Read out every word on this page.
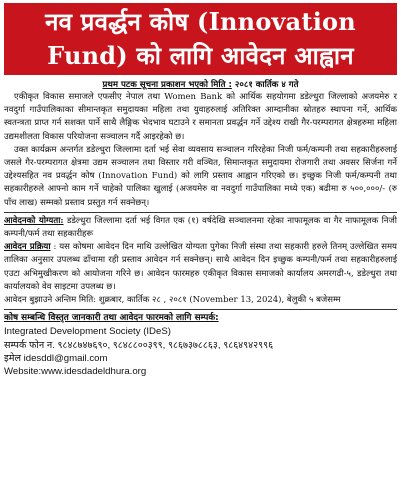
नव प्रवर्द्धन कोष (Innovation
Fund) को लागि आवेदन आह्वान
प्रथम पटक सूचना प्रकाशन भएको मिति : २०८१ कार्तिक ४ गते

एकीकृत विकास समाजले एफसीए नेपाल तथा Women Bank को आर्थिक सहयोगमा डडेल्धुरा जिल्लाको अजयमेरु र नवदुर्गा गाउँपालिकाका सीमान्तकृत समुदायका महिला तथा युवाहरुलाई अतिरिक्त आम्दानीका स्रोतहरु स्थापना गर्ने, आर्थिक स्वतन्त्रता प्राप्त गर्न सशक्त पार्ने साथै लैङ्गिक भेदभाव घटाउने र समानता प्रवर्द्धन गर्ने उद्देश्य राखी गैर-परम्परागत क्षेत्रहरुमा महिला उद्यमशीलता विकास परियोजना सञ्चालन गर्दै आइरहेको छ।

उक्त कार्यक्रम अन्तर्गत डडेल्धुरा जिल्लामा दर्ता भई सेवा व्यवसाय सञ्चालन गरिरहेका निजी फर्म/कम्पनी तथा सहकारीहरुलाई जसले गैर-परम्परागत क्षेत्रमा उद्यम सञ्चालन तथा विस्तार गरी वञ्चित, सिमान्तकृत समुदायमा रोजगारी तथा अवसर सिर्जना गर्ने उद्देश्यसहित नव प्रवर्द्धन कोष (Innovation Fund) को लागि प्रस्ताव आह्वान गरिएको छ। इच्छुक निजी फर्म/कम्पनी तथा सहकारीहरुले आफ्नो काम गर्ने चाहेको पालिका खुलाई (अजयमेरु वा नवदुर्गा गाउँपालिका मध्ये एक) बढीमा रु ५००,०००/- (रु पाँच लाख) सम्मको प्रस्ताव प्रस्तुत गर्न सक्नेछन्।

आवेदनकोे योग्यता: डडेल्धुरा जिल्लामा दर्ता भई विगत एक (१) वर्षदेखि सञ्चालनमा रहेका नाफामूलक वा गैर नाफामूलक निजी कम्पनी/फर्म तथा सहकारीहरू

आवेदन प्रक्रिया : यस कोषमा आवेदन दिन माथि उल्लेखित योग्यता पुगेका निजी संस्था तथा सहकारी हरुले तिनम् उल्लेखित समय तालिका अनुसार उपलब्ध ढाँचामा रही प्रस्ताव आवेदन गर्न सक्नेछन्। साथै आवेदन दिन इच्छुक कम्पनी/फर्म तथा सहकारीहरुलाई एउटा अभिमुखीकरण को आयोजना गरिने छ। आवेदन फारमहरु एकीकृत विकास समाजको कार्यालय अमरगढी-५, डडेल्धुरा तथा कार्यालयको वेव साइटमा उपलब्ध छ।

आवेदन बुझाउने अन्तिम मिति: शुक्रबार, कार्तिक २८ , २०८१ (November 13, 2024), बेलुकी ५ बजेसम्म

कोष सम्बन्धि विस्तृत जानकारी तथा आवेदन फारमको लागि सम्पर्क:

Integrated Development Society (IDeS)

सम्पर्क फोन न. ९८४८७४७६९०, ९८४८८००३९९, ९८६७३७८८६३, ९८६४९४२९९६

इमेल idesddl@gmail.com

Website:www.idesdadeldhura.org
